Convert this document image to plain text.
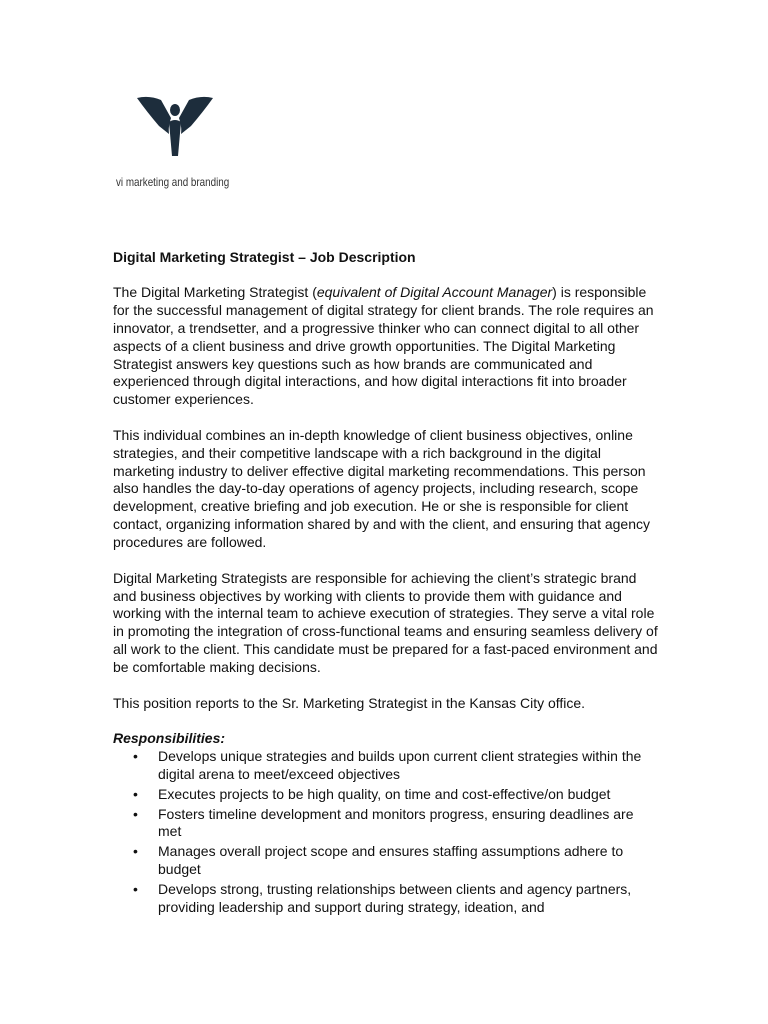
vi marketing and branding
Digital Marketing Strategist – Job Description

The Digital Marketing Strategist (equivalent of Digital Account Manager) is responsible for the successful management of digital strategy for client brands. The role requires an innovator, a trendsetter, and a progressive thinker who can connect digital to all other aspects of a client business and drive growth opportunities. The Digital Marketing Strategist answers key questions such as how brands are communicated and experienced through digital interactions, and how digital interactions fit into broader customer experiences.

This individual combines an in-depth knowledge of client business objectives, online strategies, and their competitive landscape with a rich background in the digital marketing industry to deliver effective digital marketing recommendations. This person also handles the day-to-day operations of agency projects, including research, scope development, creative briefing and job execution. He or she is responsible for client contact, organizing information shared by and with the client, and ensuring that agency procedures are followed.

Digital Marketing Strategists are responsible for achieving the client’s strategic brand and business objectives by working with clients to provide them with guidance and working with the internal team to achieve execution of strategies. They serve a vital role in promoting the integration of cross-functional teams and ensuring seamless delivery of all work to the client. This candidate must be prepared for a fast-paced environment and be comfortable making decisions.

This position reports to the Sr. Marketing Strategist in the Kansas City office.

Responsibilities:
• Develops unique strategies and builds upon current client strategies within the digital arena to meet/exceed objectives
• Executes projects to be high quality, on time and cost-effective/on budget
• Fosters timeline development and monitors progress, ensuring deadlines are met
• Manages overall project scope and ensures staffing assumptions adhere to budget
• Develops strong, trusting relationships between clients and agency partners, providing leadership and support during strategy, ideation, and
